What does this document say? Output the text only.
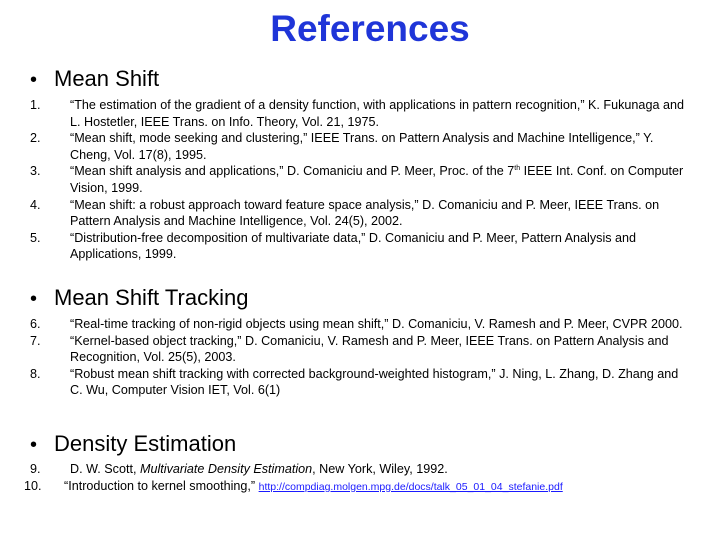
References
• Mean Shift
1.	“The estimation of the gradient of a density function, with applications in pattern recognition,” K. Fukunaga and L. Hostetler, IEEE Trans. on Info. Theory, Vol. 21, 1975.
2.	“Mean shift, mode seeking and clustering,” IEEE Trans. on Pattern Analysis and Machine Intelligence,” Y. Cheng, Vol. 17(8), 1995.
3.	“Mean shift analysis and applications,” D. Comaniciu and P. Meer, Proc. of the 7th IEEE Int. Conf. on Computer Vision, 1999.
4.	“Mean shift: a robust approach toward feature space analysis,” D. Comaniciu and P. Meer, IEEE Trans. on Pattern Analysis and Machine Intelligence, Vol. 24(5), 2002.
5.	“Distribution-free decomposition of multivariate data,” D. Comaniciu and P. Meer, Pattern Analysis and Applications, 1999.
• Mean Shift Tracking
6.	“Real-time tracking of non-rigid objects using mean shift,” D. Comaniciu, V. Ramesh and P. Meer, CVPR 2000.
7.	“Kernel-based object tracking,” D. Comaniciu, V. Ramesh and P. Meer, IEEE Trans. on Pattern Analysis and Recognition, Vol. 25(5), 2003.
8.	“Robust mean shift tracking with corrected background-weighted histogram,” J. Ning, L. Zhang, D. Zhang and C. Wu, Computer Vision IET, Vol. 6(1)
• Density Estimation
9.	D. W. Scott, Multivariate Density Estimation, New York, Wiley, 1992.
10.	“Introduction to kernel smoothing,” http://compdiag.molgen.mpg.de/docs/talk_05_01_04_stefanie.pdf
